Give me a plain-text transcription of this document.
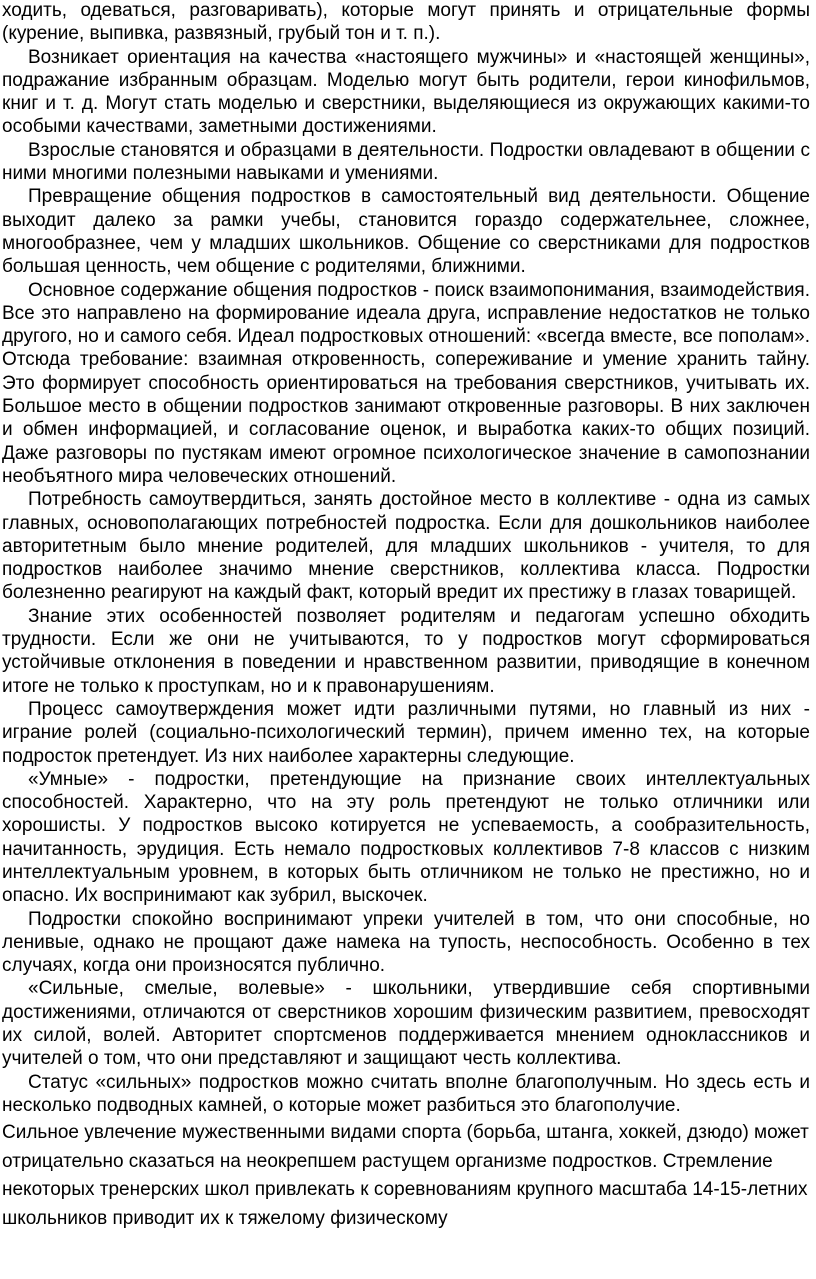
ходить, одеваться, разговаривать), которые могут принять и отрицательные формы (курение, выпивка, развязный, грубый тон и т. п.).

Возникает ориентация на качества «настоящего мужчины» и «настоящей женщины», подражание избранным образцам. Моделью могут быть родители, герои кинофильмов, книг и т. д. Могут стать моделью и сверстники, выделяющиеся из окружающих какими-то особыми качествами, заметными достижениями.

Взрослые становятся и образцами в деятельности. Подростки овладевают в общении с ними многими полезными навыками и умениями.

Превращение общения подростков в самостоятельный вид деятельности. Общение выходит далеко за рамки учебы, становится гораздо содержательнее, сложнее, многообразнее, чем у младших школьников. Общение со сверстниками для подростков большая ценность, чем общение с родителями, ближними.

Основное содержание общения подростков - поиск взаимопонимания, взаимодействия. Все это направлено на формирование идеала друга, исправление недостатков не только другого, но и самого себя. Идеал подростковых отношений: «всегда вместе, все пополам». Отсюда требование: взаимная откровенность, сопереживание и умение хранить тайну. Это формирует способность ориентироваться на требования сверстников, учитывать их. Большое место в общении подростков занимают откровенные разговоры. В них заключен и обмен информацией, и согласование оценок, и выработка каких-то общих позиций. Даже разговоры по пустякам имеют огромное психологическое значение в самопознании необъятного мира человеческих отношений.

Потребность самоутвердиться, занять достойное место в коллективе - одна из самых главных, основополагающих потребностей подростка. Если для дошкольников наиболее авторитетным было мнение родителей, для младших школьников - учителя, то для подростков наиболее значимо мнение сверстников, коллектива класса. Подростки болезненно реагируют на каждый факт, который вредит их престижу в глазах товарищей.

Знание этих особенностей позволяет родителям и педагогам успешно обходить трудности. Если же они не учитываются, то у подростков могут сформироваться устойчивые отклонения в поведении и нравственном развитии, приводящие в конечном итоге не только к проступкам, но и к правонарушениям.

Процесс самоутверждения может идти различными путями, но главный из них - играние ролей (социально-психологический термин), причем именно тех, на которые подросток претендует. Из них наиболее характерны следующие.

«Умные» - подростки, претендующие на признание своих интеллектуальных способностей. Характерно, что на эту роль претендуют не только отличники или хорошисты. У подростков высоко котируется не успеваемость, а сообразительность, начитанность, эрудиция. Есть немало подростковых коллективов 7-8 классов с низким интеллектуальным уровнем, в которых быть отличником не только не престижно, но и опасно. Их воспринимают как зубрил, выскочек.

Подростки спокойно воспринимают упреки учителей в том, что они способные, но ленивые, однако не прощают даже намека на тупость, неспособность. Особенно в тех случаях, когда они произносятся публично.

«Сильные, смелые, волевые» - школьники, утвердившие себя спортивными достижениями, отличаются от сверстников хорошим физическим развитием, превосходят их силой, волей. Авторитет спортсменов поддерживается мнением одноклассников и учителей о том, что они представляют и защищают честь коллектива.

Статус «сильных» подростков можно считать вполне благополучным. Но здесь есть и несколько подводных камней, о которые может разбиться это благополучие.

Сильное увлечение мужественными видами спорта (борьба, штанга, хоккей, дзюдо) может отрицательно сказаться на неокрепшем растущем организме подростков. Стремление некоторых тренерских школ привлекать к соревнованиям крупного масштаба 14-15-летних школьников приводит их к тяжелому физическому
